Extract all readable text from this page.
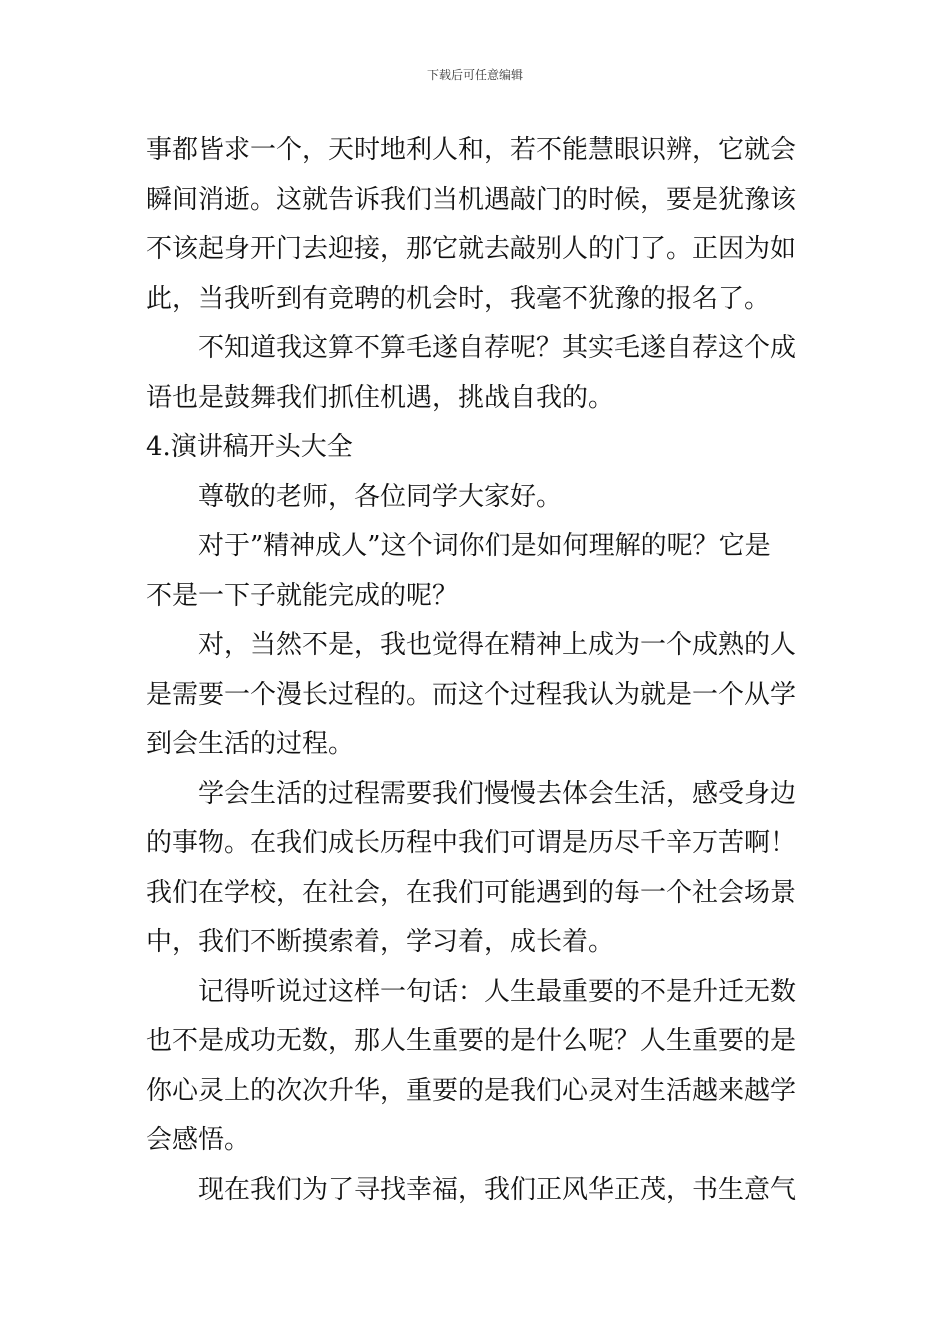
下载后可任意编辑
事都皆求一个，天时地利人和，若不能慧眼识辨，它就会
瞬间消逝。这就告诉我们当机遇敲门的时候，要是犹豫该
不该起身开门去迎接，那它就去敲别人的门了。正因为如
此，当我听到有竞聘的机会时，我毫不犹豫的报名了。
不知道我这算不算毛遂自荐呢？其实毛遂自荐这个成
语也是鼓舞我们抓住机遇，挑战自我的。
4.演讲稿开头大全
尊敬的老师，各位同学大家好。
对于”精神成人”这个词你们是如何理解的呢？它是
不是一下子就能完成的呢？
对，当然不是，我也觉得在精神上成为一个成熟的人
是需要一个漫长过程的。而这个过程我认为就是一个从学
到会生活的过程。
学会生活的过程需要我们慢慢去体会生活，感受身边
的事物。在我们成长历程中我们可谓是历尽千辛万苦啊！
我们在学校，在社会，在我们可能遇到的每一个社会场景
中，我们不断摸索着，学习着，成长着。
记得听说过这样一句话：人生最重要的不是升迁无数
也不是成功无数，那人生重要的是什么呢？人生重要的是
你心灵上的次次升华，重要的是我们心灵对生活越来越学
会感悟。
现在我们为了寻找幸福，我们正风华正茂，书生意气
